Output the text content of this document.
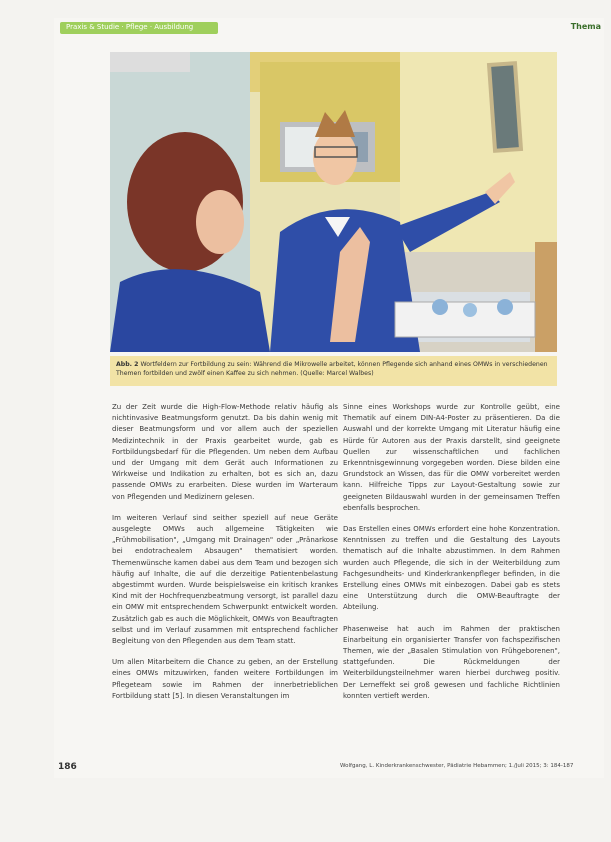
Praxis & Studie · Pflege · Ausbildung	Thema
Abb. 2 Wortfeldern zur Fortbildung zu sein: Während die Mikrowelle arbeitet, können Pflegende sich anhand eines OMWs in verschiedenen Themen fortbilden und zwölf einen Kaffee zu sich nehmen. (Quelle: Marcel Walbes)

Zu der Zeit wurde die High-Flow-Methode relativ häufig als nichtinvasive Beatmungsform genutzt. Da bis dahin wenig mit dieser Beatmungsform und vor allem auch der speziellen Medizintechnik in der Praxis gearbeitet wurde, gab es Fortbildungsbedarf für die Pflegenden. Um neben dem Aufbau und der Umgang mit dem Gerät auch Informationen zu Wirkweise und Indikation zu erhalten, bot es sich an, dazu passende OMWs zu erarbeiten. Diese wurden im Warteraum von Pflegenden und Medizinern gelesen.

Im weiteren Verlauf sind seither speziell auf neue Geräte ausgelegte OMWs auch allgemeine Tätigkeiten wie „Frühmobilisation", „Umgang mit Drainagen" oder „Pränarkose bei endotrachealem Absaugen" thematisiert worden. Themenwünsche kamen dabei aus dem Team und bezogen sich häufig auf Inhalte, die auf die derzeitige Patientenbelastung abgestimmt wurden. Wurde beispielsweise ein kritisch krankes Kind mit der Hochfrequenzbeatmung versorgt, ist parallel dazu ein OMW mit entsprechendem Schwerpunkt entwickelt worden. Zusätzlich gab es auch die Möglichkeit, OMWs von Beauftragten selbst und im Verlauf zusammen mit entsprechend fachlicher Begleitung von den Pflegenden aus dem Team statt.

Um allen Mitarbeitern die Chance zu geben, an der Erstellung eines OMWs mitzuwirken, fanden weitere Fortbildungen im Pflegeteam sowie im Rahmen der innerbetrieblichen Fortbildung statt [5]. In diesen Veranstaltungen im

Sinne eines Workshops wurde zur Kontrolle geübt, eine Thematik auf einem DIN-A4-Poster zu präsentieren. Da die Auswahl und der korrekte Umgang mit Literatur häufig eine Hürde für Autoren aus der Praxis darstellt, sind geeignete Quellen zur wissenschaftlichen und fachlichen Erkenntnisgewinnung vorgegeben worden. Diese bilden eine Grundstock an Wissen, das für die OMW vorbereitet werden kann. Hilfreiche Tipps zur Layout-Gestaltung sowie zur geeigneten Bildauswahl wurden in der gemeinsamen Treffen ebenfalls besprochen.

Das Erstellen eines OMWs erfordert eine hohe Konzentration. Kenntnissen zu treffen und die Gestaltung des Layouts thematisch auf die Inhalte abzustimmen. In dem Rahmen wurden auch Pflegende, die sich in der Weiterbildung zum Fachgesundheits- und Kinderkrankenpfleger befinden, in die Erstellung eines OMWs mit einbezogen. Dabei gab es stets eine Unterstützung durch die OMW-Beauftragte der Abteilung.

Phasenweise hat auch im Rahmen der praktischen Einarbeitung ein organisierter Transfer von fachspezifischen Themen, wie der „Basalen Stimulation von Frühgeborenen", stattgefunden. Die Rückmeldungen der Weiterbildungsteilnehmer waren hierbei durchweg positiv. Der Lerneffekt sei groß gewesen und fachliche Richtlinien konnten vertieft werden.

186	Wolfgang, L. Kinderkrankenschwester, Pädiatrie Hebammen; 1./Juli 2015; 3: 184-187
